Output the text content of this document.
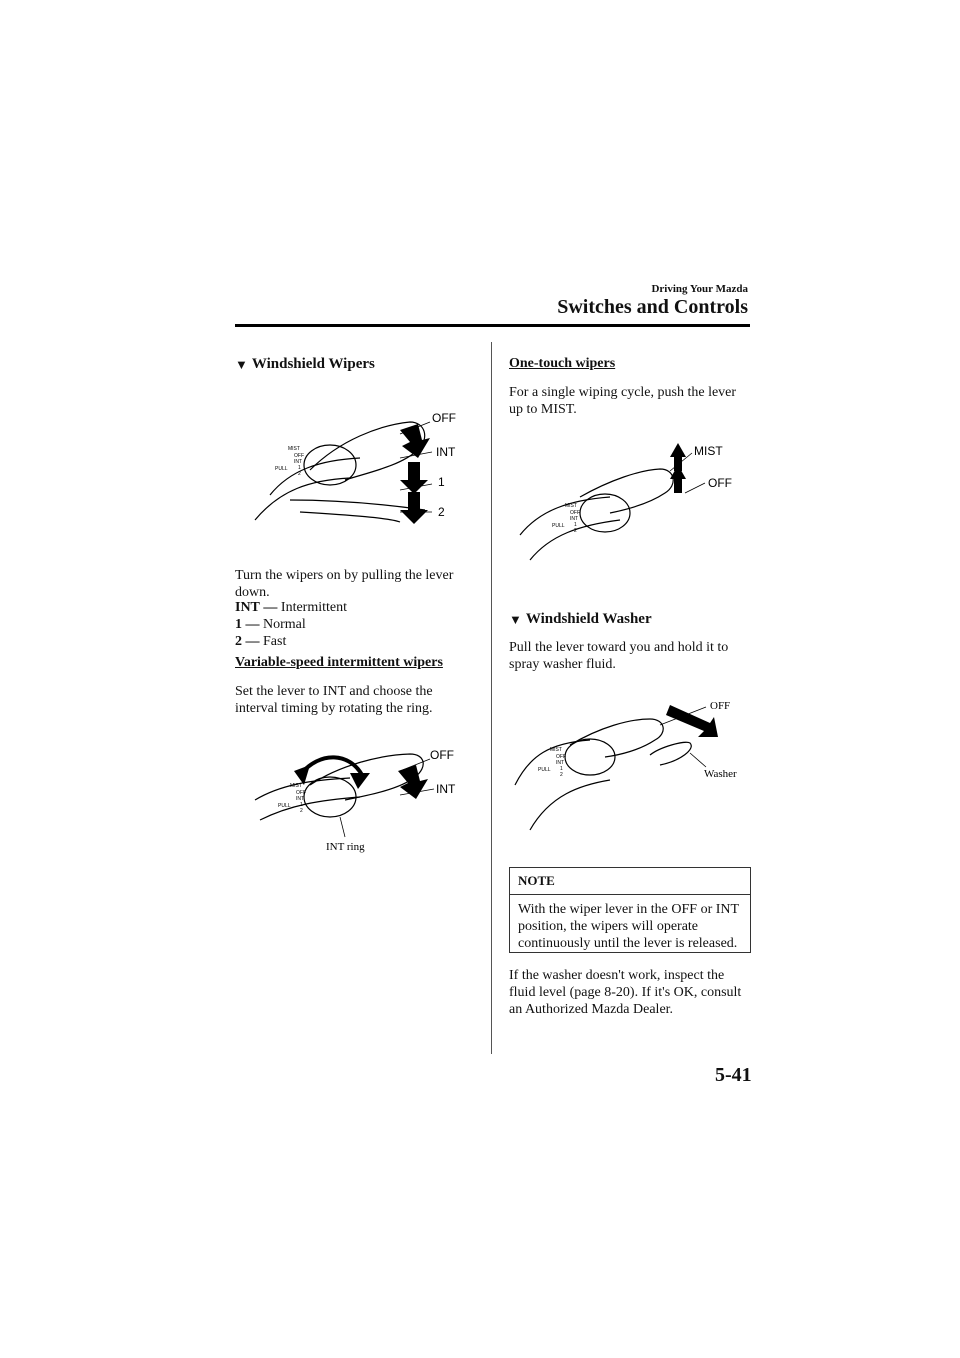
Driving Your Mazda
Switches and Controls
▼ Windshield Wipers
MIST
OFF
INT
1
2
PULL
OFF
INT
1
2
Turn the wipers on by pulling the lever down.
INT — Intermittent
1 — Normal
2 — Fast
Variable-speed intermittent wipers
Set the lever to INT and choose the interval timing by rotating the ring.
MIST
OFF
INT
1
2
PULL
OFF
INT
INT ring
One-touch wipers
For a single wiping cycle, push the lever up to MIST.
MIST
OFF
INT
1
2
PULL
MIST
OFF
▼ Windshield Washer
Pull the lever toward you and hold it to spray washer fluid.
MIST
OFF
INT
1
2
PULL
OFF
Washer
NOTE
With the wiper lever in the OFF or INT position, the wipers will operate continuously until the lever is released.
If the washer doesn't work, inspect the fluid level (page 8-20). If it's OK, consult an Authorized Mazda Dealer.
5-41
